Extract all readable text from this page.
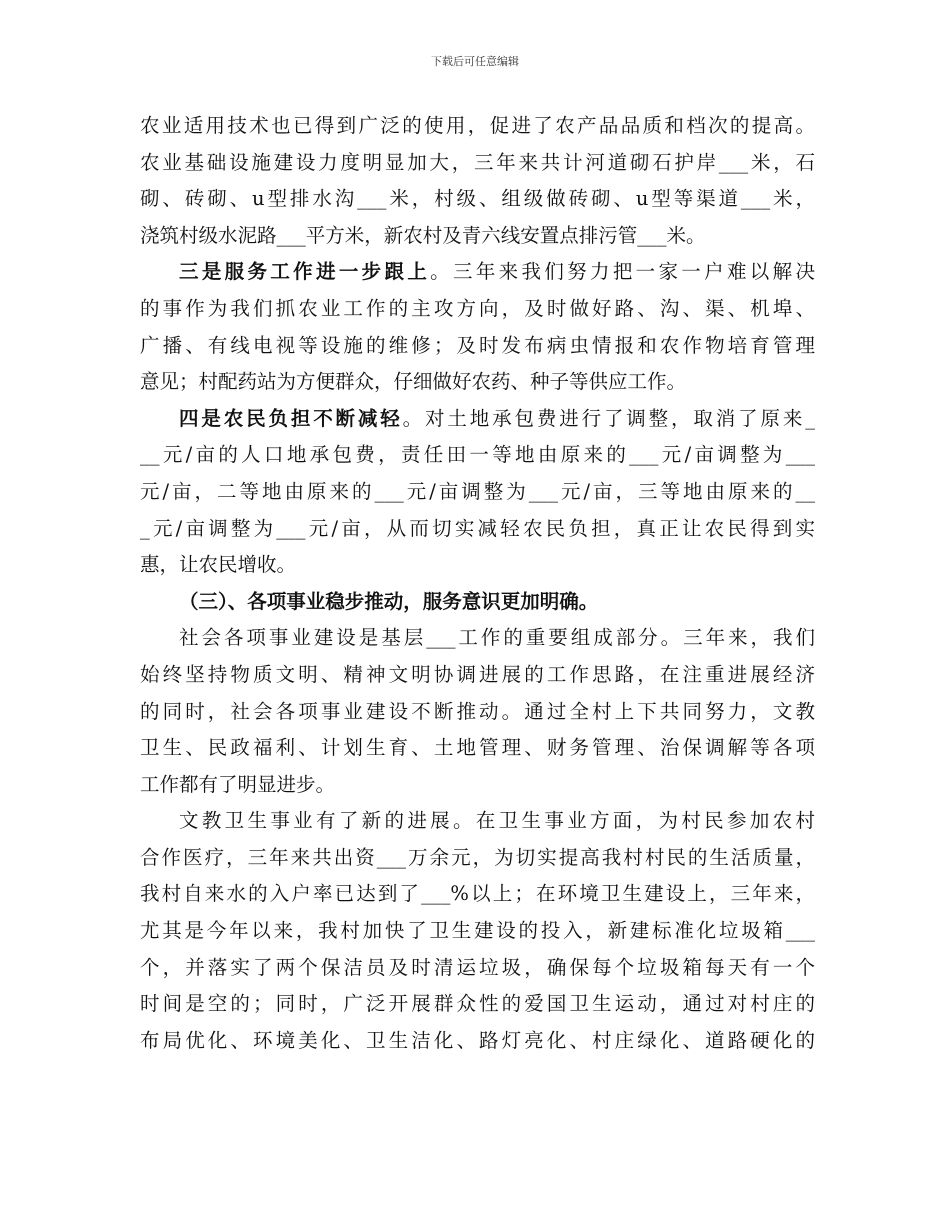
下载后可任意编辑
农业适用技术也已得到广泛的使用，促进了农产品品质和档次的提高。
农业基础设施建设力度明显加大，三年来共计河道砌石护岸___米，石
砌、砖砌、u型排水沟___米，村级、组级做砖砌、u型等渠道___米，
浇筑村级水泥路___平方米，新农村及青六线安置点排污管___米。
三是服务工作进一步跟上。三年来我们努力把一家一户难以解决
的事作为我们抓农业工作的主攻方向，及时做好路、沟、渠、机埠、
广播、有线电视等设施的维修；及时发布病虫情报和农作物培育管理
意见；村配药站为方便群众，仔细做好农药、种子等供应工作。
四是农民负担不断减轻。对土地承包费进行了调整，取消了原来_
__元/亩的人口地承包费，责任田一等地由原来的___元/亩调整为___
元/亩，二等地由原来的___元/亩调整为___元/亩，三等地由原来的__
_元/亩调整为___元/亩，从而切实减轻农民负担，真正让农民得到实
惠，让农民增收。
（三）、各项事业稳步推动，服务意识更加明确。
社会各项事业建设是基层___工作的重要组成部分。三年来，我们
始终坚持物质文明、精神文明协调进展的工作思路，在注重进展经济
的同时，社会各项事业建设不断推动。通过全村上下共同努力，文教
卫生、民政福利、计划生育、土地管理、财务管理、治保调解等各项
工作都有了明显进步。
文教卫生事业有了新的进展。在卫生事业方面，为村民参加农村
合作医疗，三年来共出资___万余元，为切实提高我村村民的生活质量，
我村自来水的入户率已达到了___%以上；在环境卫生建设上，三年来，
尤其是今年以来，我村加快了卫生建设的投入，新建标准化垃圾箱___
个，并落实了两个保洁员及时清运垃圾，确保每个垃圾箱每天有一个
时间是空的；同时，广泛开展群众性的爱国卫生运动，通过对村庄的
布局优化、环境美化、卫生洁化、路灯亮化、村庄绿化、道路硬化的
